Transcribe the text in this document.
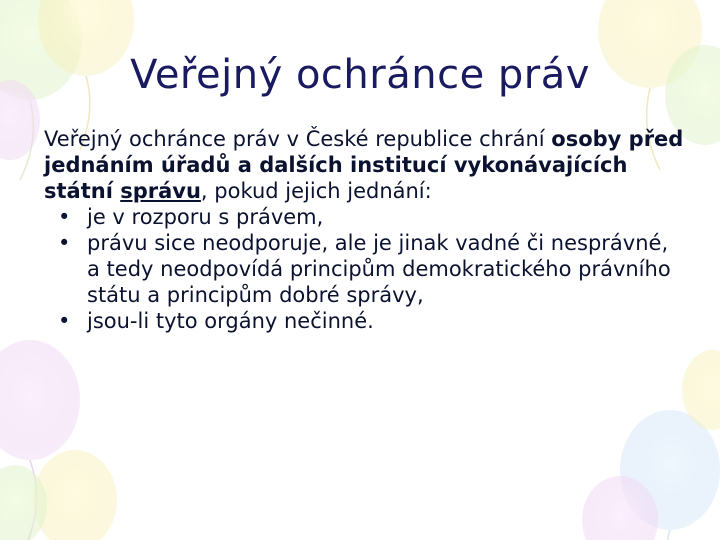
Veřejný ochránce práv
Veřejný ochránce práv v České republice chrání osoby před jednáním úřadů a dalších institucí vykonávajících státní správu, pokud jejich jednání:
• je v rozporu s právem,
• právu sice neodporuje, ale je jinak vadné či nesprávné, a tedy neodpovídá principům demokratického právního státu a principům dobré správy,
• jsou-li tyto orgány nečinné.
